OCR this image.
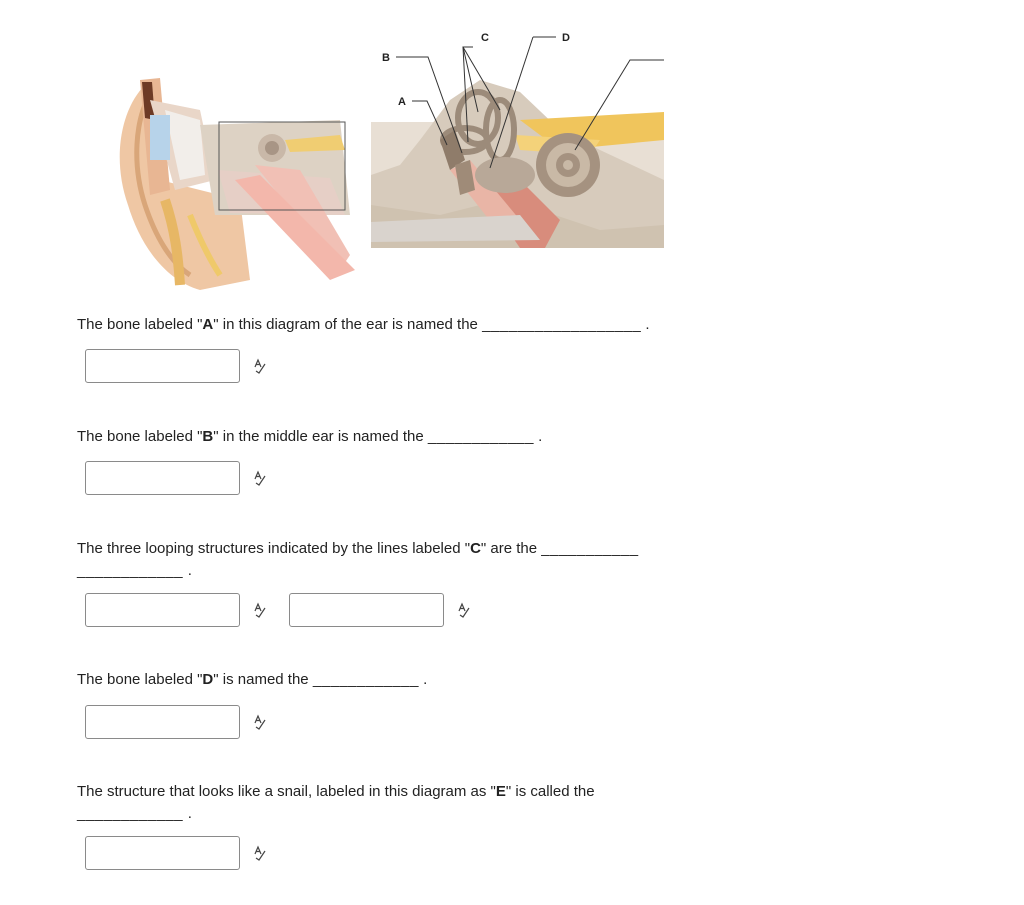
B
A
C	D
The bone labeled "A" in this diagram of the ear is named the __________________ .
The bone labeled "B" in the middle ear is named the ____________ .
The three looping structures indicated by the lines labeled "C" are the ___________
____________ .
The bone labeled "D" is named the ____________ .
The structure that looks like a snail, labeled in this diagram as "E" is called the
____________ .
